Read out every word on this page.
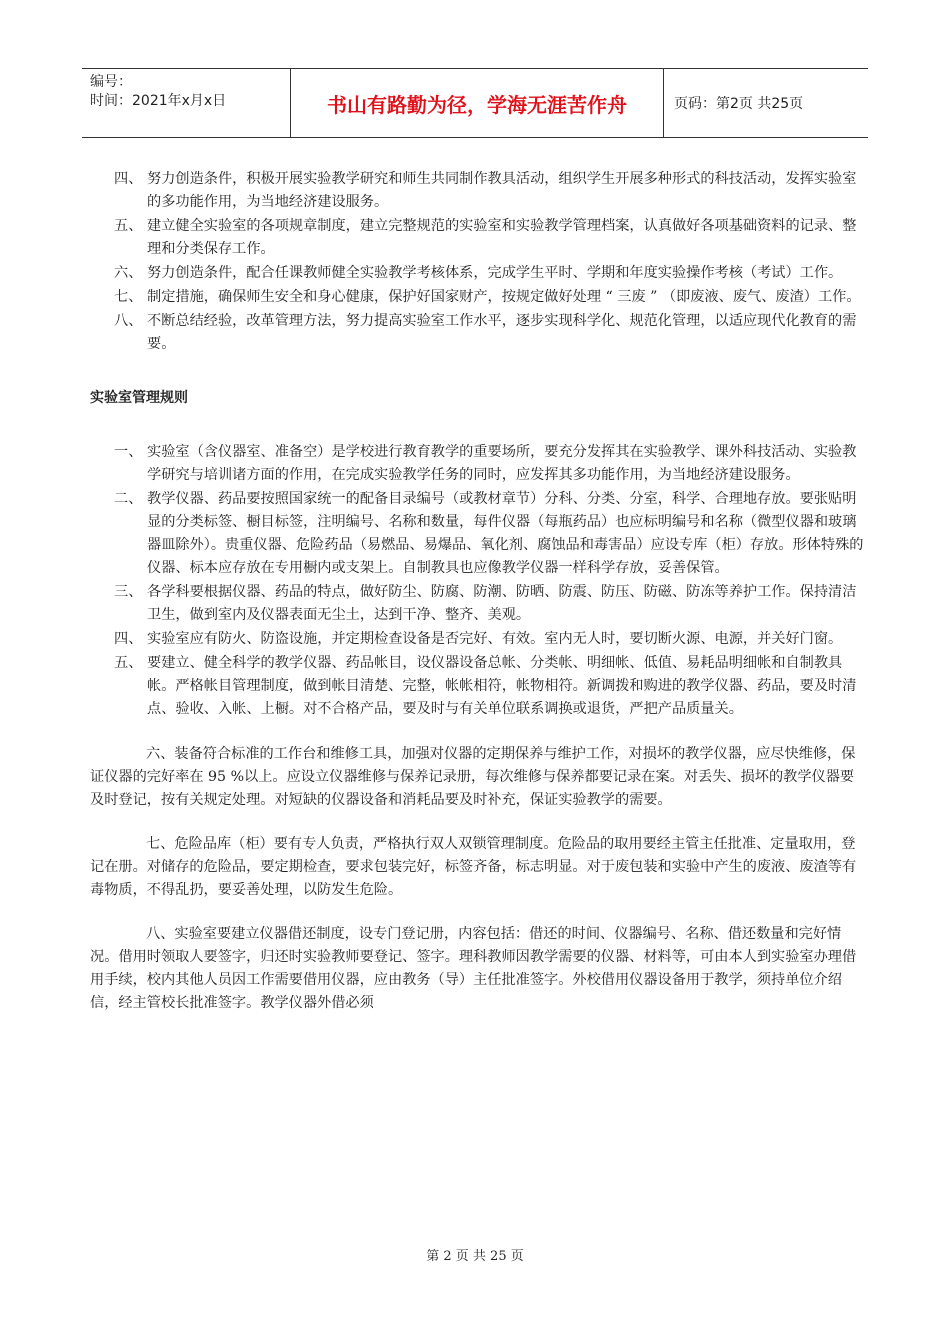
编号：
时间：2021年x月x日	书山有路勤为径，学海无涯苦作舟	页码：第2页 共25页
四、 努力创造条件，积极开展实验教学研究和师生共同制作教具活动，组织学生开展多种形式的科技活动，发挥实验室的多功能作用，为当地经济建设服务。
五、 建立健全实验室的各项规章制度，建立完整规范的实验室和实验教学管理档案，认真做好各项基础资料的记录、整理和分类保存工作。
六、 努力创造条件，配合任课教师健全实验教学考核体系，完成学生平时、学期和年度实验操作考核（考试）工作。
七、 制定措施，确保师生安全和身心健康，保护好国家财产，按规定做好处理 “ 三废 ” （即废液、废气、废渣）工作。
八、 不断总结经验，改革管理方法，努力提高实验室工作水平，逐步实现科学化、规范化管理，以适应现代化教育的需要。
实验室管理规则
一、 实验室（含仪器室、准备空）是学校进行教育教学的重要场所，要充分发挥其在实验教学、课外科技活动、实验教学研究与培训诸方面的作用，在完成实验教学任务的同时，应发挥其多功能作用，为当地经济建设服务。
二、 教学仪器、药品要按照国家统一的配备目录编号（或教材章节）分科、分类、分室，科学、合理地存放。要张贴明显的分类标签、橱目标签，注明编号、名称和数量，每件仪器（每瓶药品）也应标明编号和名称（微型仪器和玻璃器皿除外）。贵重仪器、危险药品（易燃品、易爆品、氧化剂、腐蚀品和毒害品）应设专库（柜）存放。形体特殊的仪器、标本应存放在专用橱内或支架上。自制教具也应像教学仪器一样科学存放，妥善保管。
三、 各学科要根据仪器、药品的特点，做好防尘、防腐、防潮、防晒、防震、防压、防磁、防冻等养护工作。保持清洁卫生，做到室内及仪器表面无尘土，达到干净、整齐、美观。
四、 实验室应有防火、防盗设施，并定期检查设备是否完好、有效。室内无人时，要切断火源、电源，并关好门窗。
五、 要建立、健全科学的教学仪器、药品帐目，设仪器设备总帐、分类帐、明细帐、低值、易耗品明细帐和自制教具帐。严格帐目管理制度，做到帐目清楚、完整，帐帐相符，帐物相符。新调拨和购进的教学仪器、药品，要及时清点、验收、入帐、上橱。对不合格产品，要及时与有关单位联系调换或退货，严把产品质量关。

六、装备符合标准的工作台和维修工具，加强对仪器的定期保养与维护工作，对损坏的教学仪器，应尽快维修，保证仪器的完好率在 95 %以上。应设立仪器维修与保养记录册，每次维修与保养都要记录在案。对丢失、损坏的教学仪器要及时登记，按有关规定处理。对短缺的仪器设备和消耗品要及时补充，保证实验教学的需要。

七、危险品库（柜）要有专人负责，严格执行双人双锁管理制度。危险品的取用要经主管主任批准、定量取用，登记在册。对储存的危险品，要定期检查，要求包装完好，标签齐备，标志明显。对于废包装和实验中产生的废液、废渣等有毒物质，不得乱扔，要妥善处理，以防发生危险。

八、实验室要建立仪器借还制度，设专门登记册，内容包括：借还的时间、仪器编号、名称、借还数量和完好情况。借用时领取人要签字，归还时实验教师要登记、签字。理科教师因教学需要的仪器、材料等，可由本人到实验室办理借用手续，校内其他人员因工作需要借用仪器，应由教务（导）主任批准签字。外校借用仪器设备用于教学，须持单位介绍信，经主管校长批准签字。教学仪器外借必须

第 2 页 共 25 页
